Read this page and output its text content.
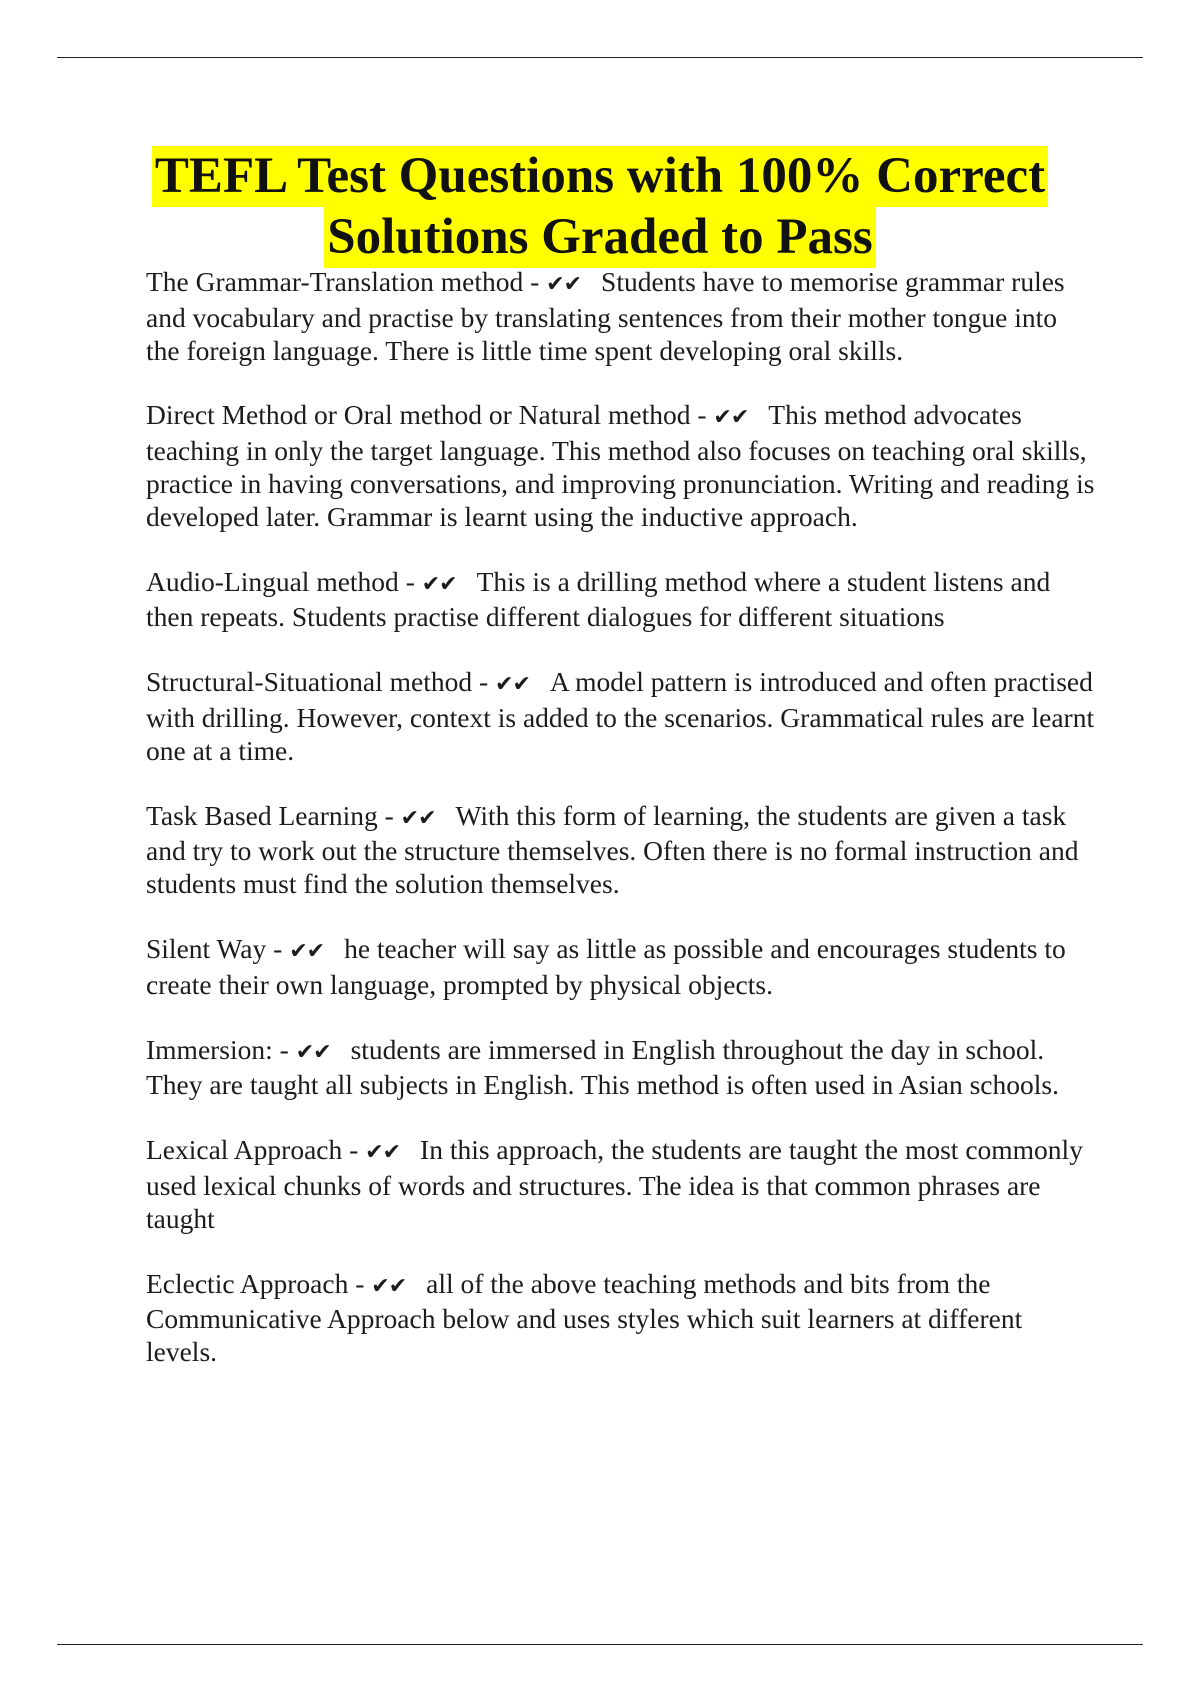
TEFL Test Questions with 100% Correct
Solutions Graded to Pass

The Grammar-Translation method - ✔✔ Students have to memorise grammar rules and vocabulary and practise by translating sentences from their mother tongue into the foreign language. There is little time spent developing oral skills.

Direct Method or Oral method or Natural method - ✔✔ This method advocates teaching in only the target language. This method also focuses on teaching oral skills, practice in having conversations, and improving pronunciation. Writing and reading is developed later. Grammar is learnt using the inductive approach.

Audio-Lingual method - ✔✔ This is a drilling method where a student listens and then repeats. Students practise different dialogues for different situations

Structural-Situational method - ✔✔ A model pattern is introduced and often practised with drilling. However, context is added to the scenarios. Grammatical rules are learnt one at a time.

Task Based Learning - ✔✔ With this form of learning, the students are given a task and try to work out the structure themselves. Often there is no formal instruction and students must find the solution themselves.

Silent Way - ✔✔ he teacher will say as little as possible and encourages students to create their own language, prompted by physical objects.

Immersion: - ✔✔ students are immersed in English throughout the day in school. They are taught all subjects in English. This method is often used in Asian schools.

Lexical Approach - ✔✔ In this approach, the students are taught the most commonly used lexical chunks of words and structures. The idea is that common phrases are taught

Eclectic Approach - ✔✔ all of the above teaching methods and bits from the Communicative Approach below and uses styles which suit learners at different levels.
